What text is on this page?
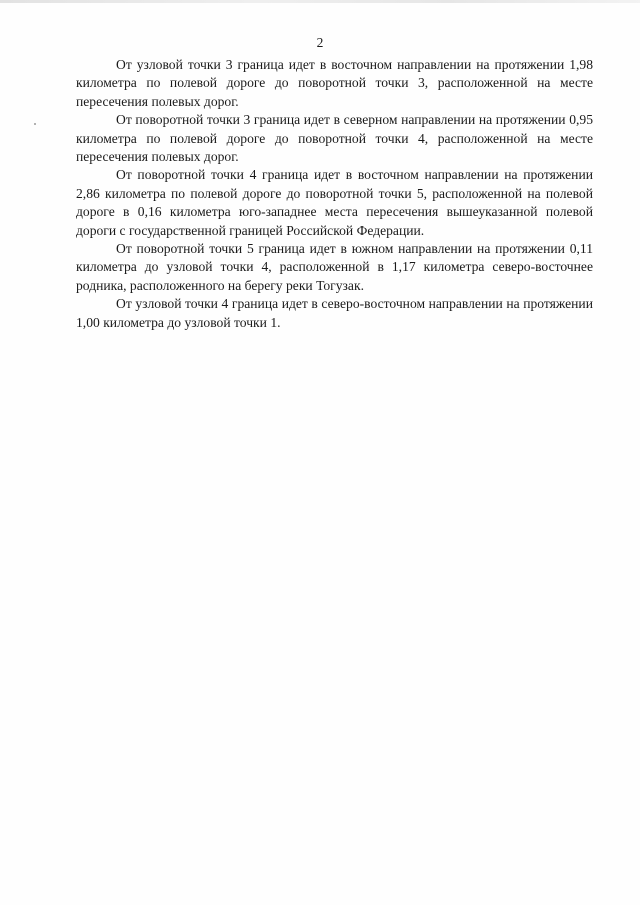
2

От узловой точки 3 граница идет в восточном направлении на протяжении 1,98 километра по полевой дороге до поворотной точки 3, расположенной на месте пересечения полевых дорог.

От поворотной точки 3 граница идет в северном направлении на протяжении 0,95 километра по полевой дороге до поворотной точки 4, расположенной на месте пересечения полевых дорог.

От поворотной точки 4 граница идет в восточном направлении на протяжении 2,86 километра по полевой дороге до поворотной точки 5, расположенной на полевой дороге в 0,16 километра юго-западнее места пересечения вышеуказанной полевой дороги с государственной границей Российской Федерации.

От поворотной точки 5 граница идет в южном направлении на протяжении 0,11 километра до узловой точки 4, расположенной в 1,17 километра северо-восточнее родника, расположенного на берегу реки Тогузак.

От узловой точки 4 граница идет в северо-восточном направлении на протяжении 1,00 километра до узловой точки 1.
